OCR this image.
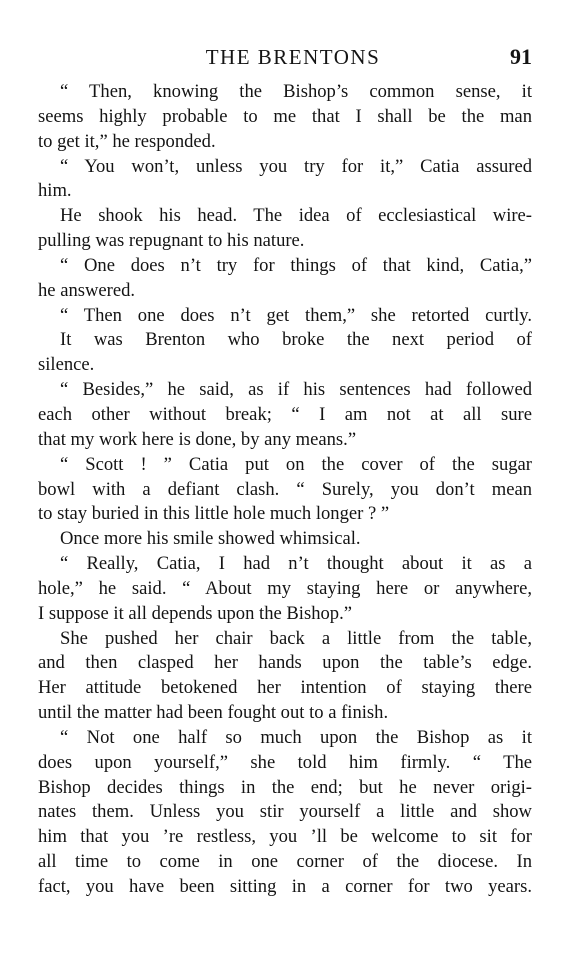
THE BRENTONS	91
“ Then, knowing the Bishop’s common sense, it
seems highly probable to me that I shall be the man
to get it,” he responded.
“ You won’t, unless you try for it,” Catia assured
him.
He shook his head. The idea of ecclesiastical wire-
pulling was repugnant to his nature.
“ One does n’t try for things of that kind, Catia,”
he answered.
“ Then one does n’t get them,” she retorted curtly.
It was Brenton who broke the next period of
silence.
“ Besides,” he said, as if his sentences had followed
each other without break; “ I am not at all sure
that my work here is done, by any means.”
“ Scott ! ” Catia put on the cover of the sugar
bowl with a defiant clash. “ Surely, you don’t mean
to stay buried in this little hole much longer ? ”
Once more his smile showed whimsical.
“ Really, Catia, I had n’t thought about it as a
hole,” he said. “ About my staying here or anywhere,
I suppose it all depends upon the Bishop.”
She pushed her chair back a little from the table,
and then clasped her hands upon the table’s edge.
Her attitude betokened her intention of staying there
until the matter had been fought out to a finish.
“ Not one half so much upon the Bishop as it
does upon yourself,” she told him firmly. “ The
Bishop decides things in the end; but he never origi-
nates them. Unless you stir yourself a little and show
him that you ’re restless, you ’ll be welcome to sit for
all time to come in one corner of the diocese. In
fact, you have been sitting in a corner for two years.
